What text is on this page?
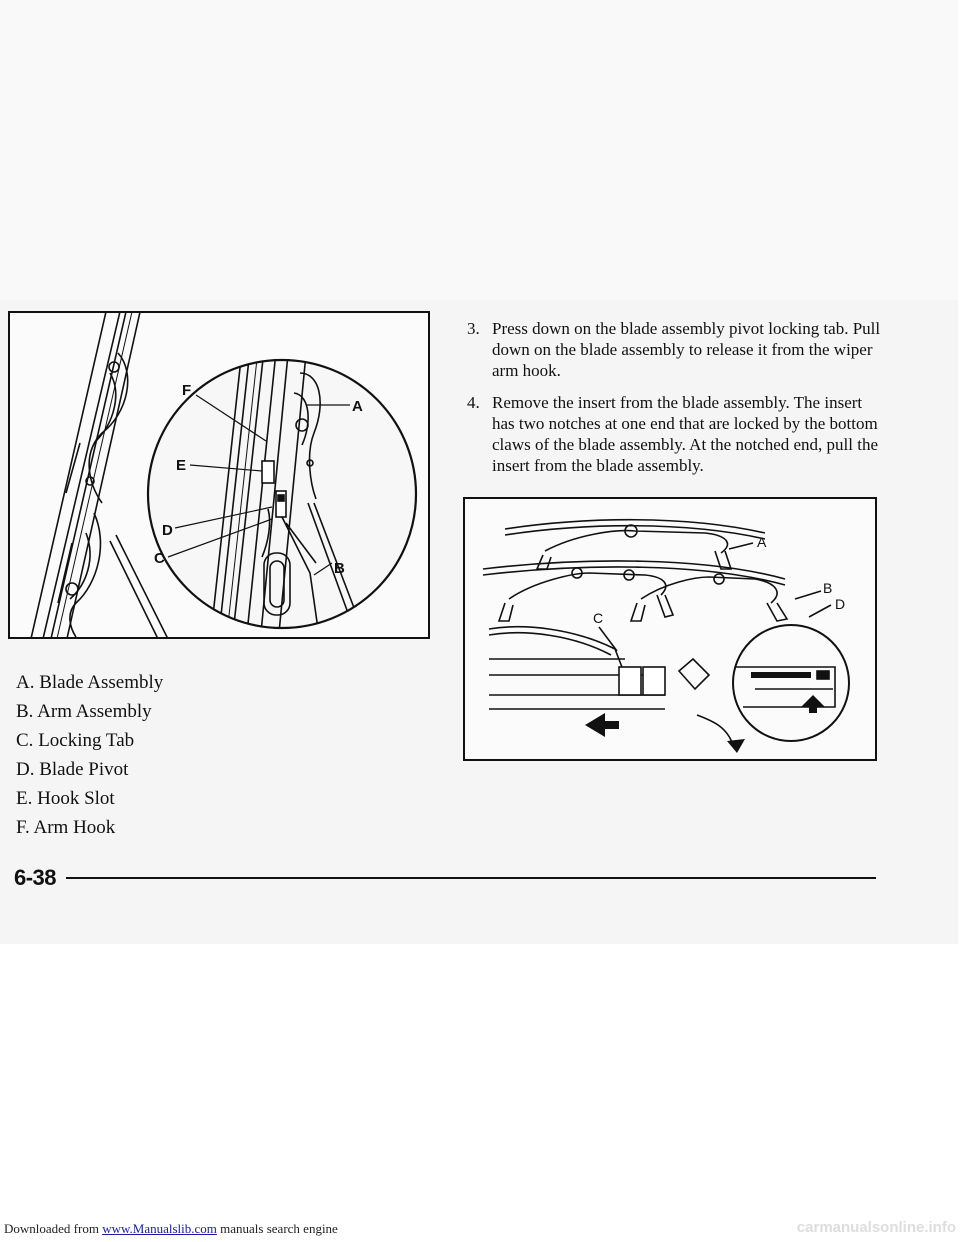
F
A
E
D
C
B
A. Blade Assembly
B. Arm Assembly
C. Locking Tab
D. Blade Pivot
E. Hook Slot
F. Arm Hook
3. Press down on the blade assembly pivot locking tab. Pull down on the blade assembly to release it from the wiper arm hook.
4. Remove the insert from the blade assembly. The insert has two notches at one end that are locked by the bottom claws of the blade assembly. At the notched end, pull the insert from the blade assembly.
A
B
D
C
6-38
Downloaded from www.Manualslib.com manuals search engine	carmanualsonline.info
